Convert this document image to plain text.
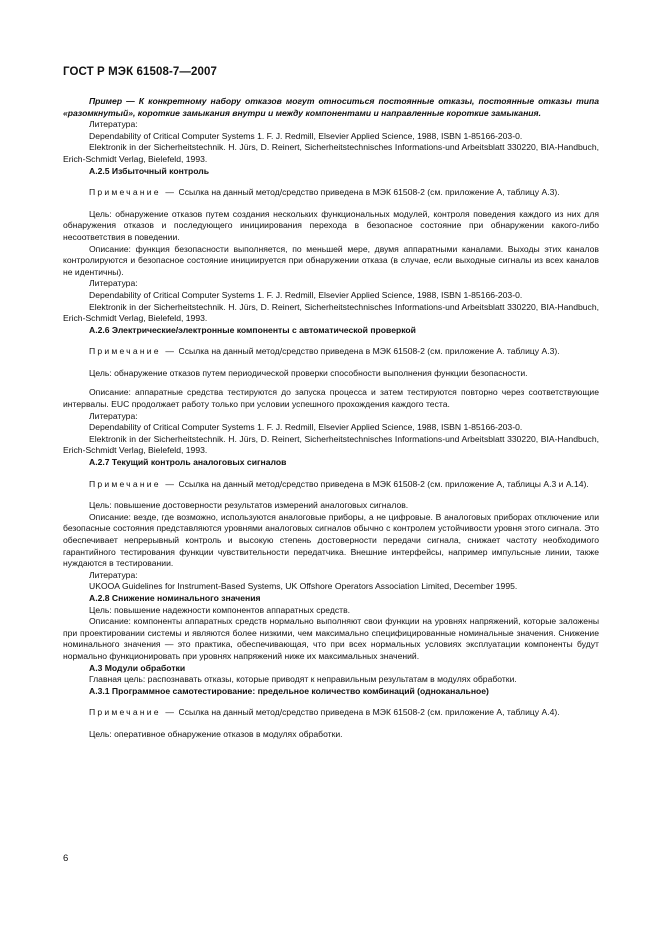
ГОСТ Р МЭК 61508-7—2007

Пример — К конкретному набору отказов могут относиться постоянные отказы, постоянные отказы типа «разомкнутый», короткие замыкания внутри и между компонентами и направленные короткие замыкания.

Литература:

Dependability of Critical Computer Systems 1. F. J. Redmill, Elsevier Applied Science, 1988, ISBN 1-85166-203-0.

Elektronik in der Sicherheitstechnik. H. Jürs, D. Reinert, Sicherheitstechnisches Informations-und Arbeitsblatt 330220, BIA-Handbuch, Erich-Schmidt Verlag, Bielefeld, 1993.

А.2.5 Избыточный контроль

Примечание — Ссылка на данный метод/средство приведена в МЭК 61508-2 (см. приложение А, таблицу А.3).

Цель: обнаружение отказов путем создания нескольких функциональных модулей, контроля поведения каждого из них для обнаружения отказов и последующего инициирования перехода в безопасное состояние при обнаружении какого-либо несоответствия в поведении.

Описание: функция безопасности выполняется, по меньшей мере, двумя аппаратными каналами. Выходы этих каналов контролируются и безопасное состояние инициируется при обнаружении отказа (в случае, если выходные сигналы из всех каналов не идентичны).

Литература:

Dependability of Critical Computer Systems 1. F. J. Redmill, Elsevier Applied Science, 1988, ISBN 1-85166-203-0.

Elektronik in der Sicherheitstechnik. H. Jürs, D. Reinert, Sicherheitstechnisches Informations-und Arbeitsblatt 330220, BIA-Handbuch, Erich-Schmidt Verlag, Bielefeld, 1993.

А.2.6 Электрические/электронные компоненты с автоматической проверкой

Примечание — Ссылка на данный метод/средство приведена в МЭК 61508-2 (см. приложение А. таблицу А.3).

Цель: обнаружение отказов путем периодической проверки способности выполнения функции безопасности.

Описание: аппаратные средства тестируются до запуска процесса и затем тестируются повторно через соответствующие интервалы. EUC продолжает работу только при условии успешного прохождения каждого теста.

Литература:

Dependability of Critical Computer Systems 1. F. J. Redmill, Elsevier Applied Science, 1988, ISBN 1-85166-203-0.

Elektronik in der Sicherheitstechnik. H. Jürs, D. Reinert, Sicherheitstechnisches Informations-und Arbeitsblatt 330220, BIA-Handbuch, Erich-Schmidt Verlag, Bielefeld, 1993.

А.2.7 Текущий контроль аналоговых сигналов

Примечание — Ссылка на данный метод/средство приведена в МЭК 61508-2 (см. приложение А, таблицы А.3 и А.14).

Цель: повышение достоверности результатов измерений аналоговых сигналов.

Описание: везде, где возможно, используются аналоговые приборы, а не цифровые. В аналоговых приборах отключение или безопасные состояния представляются уровнями аналоговых сигналов обычно с контролем устойчивости уровня этого сигнала. Это обеспечивает непрерывный контроль и высокую степень достоверности передачи сигнала, снижает частоту необходимого гарантийного тестирования функции чувствительности передатчика. Внешние интерфейсы, например импульсные линии, также нуждаются в тестировании.

Литература:

UKOOA Guidelines for Instrument-Based Systems, UK Offshore Operators Association Limited, December 1995.

А.2.8 Снижение номинального значения

Цель: повышение надежности компонентов аппаратных средств.

Описание: компоненты аппаратных средств нормально выполняют свои функции на уровнях напряжений, которые заложены при проектировании системы и являются более низкими, чем максимально специфицированные номинальные значения. Снижение номинального значения — это практика, обеспечивающая, что при всех нормальных условиях эксплуатации компоненты будут нормально функционировать при уровнях напряжений ниже их максимальных значений.

А.3 Модули обработки

Главная цель: распознавать отказы, которые приводят к неправильным результатам в модулях обработки.

А.3.1 Программное самотестирование: предельное количество комбинаций (одноканальное)

Примечание — Ссылка на данный метод/средство приведена в МЭК 61508-2 (см. приложение А, таблицу А.4).

Цель: оперативное обнаружение отказов в модулях обработки.

6
